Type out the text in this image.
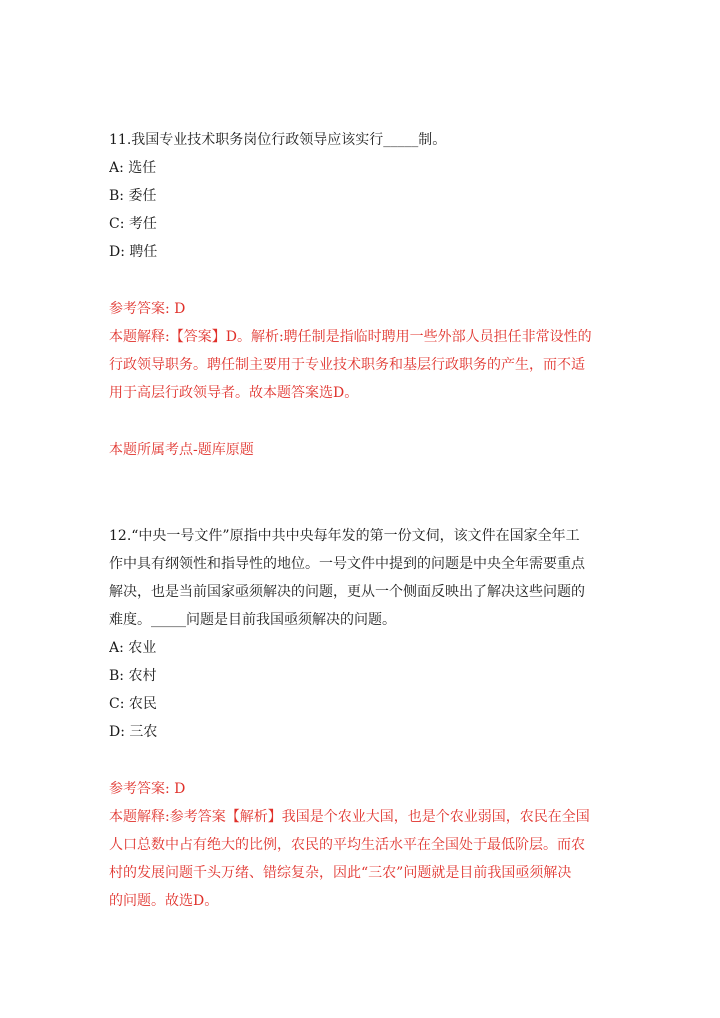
11.我国专业技术职务岗位行政领导应该实行_____制。
A: 选任
B: 委任
C: 考任
D: 聘任
参考答案: D
本题解释:【答案】D。解析:聘任制是指临时聘用一些外部人员担任非常设性的
行政领导职务。聘任制主要用于专业技术职务和基层行政职务的产生，而不适
用于高层行政领导者。故本题答案选D。
本题所属考点-题库原题
12.“中央一号文件”原指中共中央每年发的第一份文伺，该文件在国家全年工
作中具有纲领性和指导性的地位。一号文件中提到的问题是中央全年需要重点
解决，也是当前国家亟须解决的问题，更从一个侧面反映出了解决这些问题的
难度。_____问题是目前我国亟须解决的问题。
A: 农业
B: 农村
C: 农民
D: 三农
参考答案: D
本题解释:参考答案【解析】我国是个农业大国，也是个农业弱国，农民在全国
人口总数中占有绝大的比例，农民的平均生活水平在全国处于最低阶层。而农
村的发展问题千头万绪、错综复杂，因此“三农”问题就是目前我国亟须解决
的问题。故选D。
